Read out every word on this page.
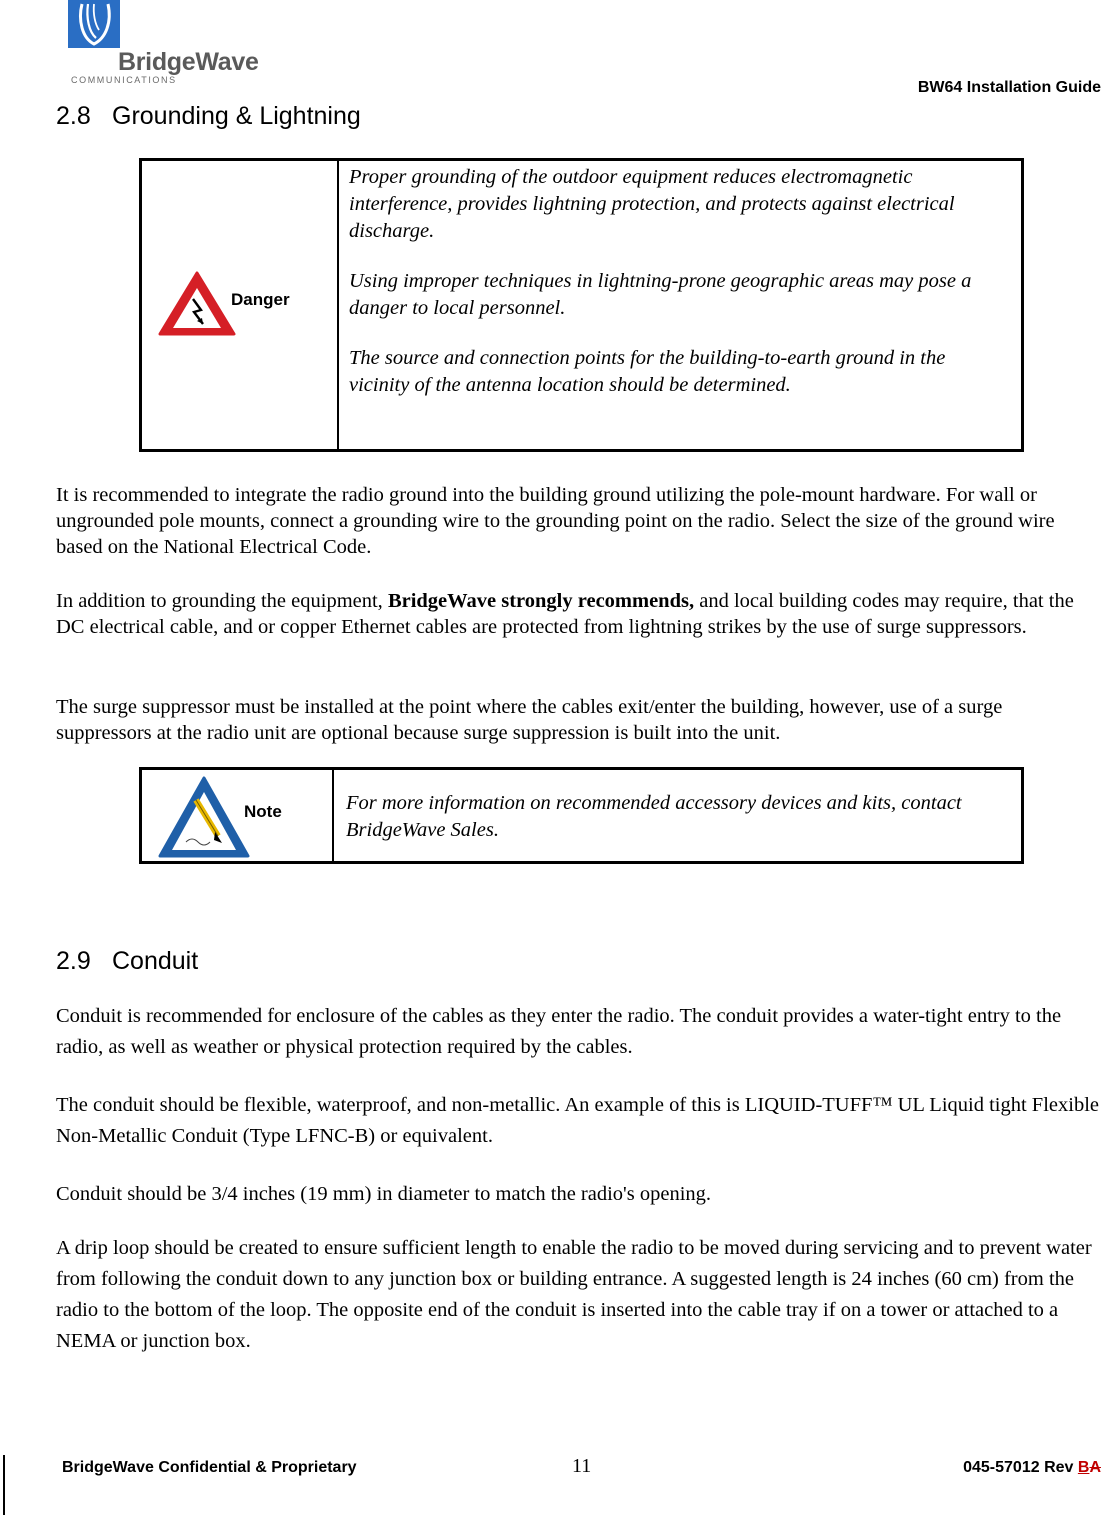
BridgeWave
COMMUNICATIONS	BW64 Installation Guide
2.8 Grounding & Lightning
Danger

Proper grounding of the outdoor equipment reduces electromagnetic interference, provides lightning protection, and protects against electrical discharge.

Using improper techniques in lightning-prone geographic areas may pose a danger to local personnel.

The source and connection points for the building-to-earth ground in the vicinity of the antenna location should be determined.

It is recommended to integrate the radio ground into the building ground utilizing the pole-mount hardware. For wall or ungrounded pole mounts, connect a grounding wire to the grounding point on the radio. Select the size of the ground wire based on the National Electrical Code.

In addition to grounding the equipment, BridgeWave strongly recommends, and local building codes may require, that the DC electrical cable, and or copper Ethernet cables are protected from lightning strikes by the use of surge suppressors.

The surge suppressor must be installed at the point where the cables exit/enter the building, however, use of a surge suppressors at the radio unit are optional because surge suppression is built into the unit.

Note	For more information on recommended accessory devices and kits, contact BridgeWave Sales.
2.9 Conduit

Conduit is recommended for enclosure of the cables as they enter the radio. The conduit provides a water-tight entry to the radio, as well as weather or physical protection required by the cables.

The conduit should be flexible, waterproof, and non-metallic. An example of this is LIQUID-TUFF™ UL Liquid tight Flexible Non-Metallic Conduit (Type LFNC-B) or equivalent.

Conduit should be 3/4 inches (19 mm) in diameter to match the radio's opening.

A drip loop should be created to ensure sufficient length to enable the radio to be moved during servicing and to prevent water from following the conduit down to any junction box or building entrance. A suggested length is 24 inches (60 cm) from the radio to the bottom of the loop. The opposite end of the conduit is inserted into the cable tray if on a tower or attached to a NEMA or junction box.

BridgeWave Confidential & Proprietary	11	045-57012 Rev BA
